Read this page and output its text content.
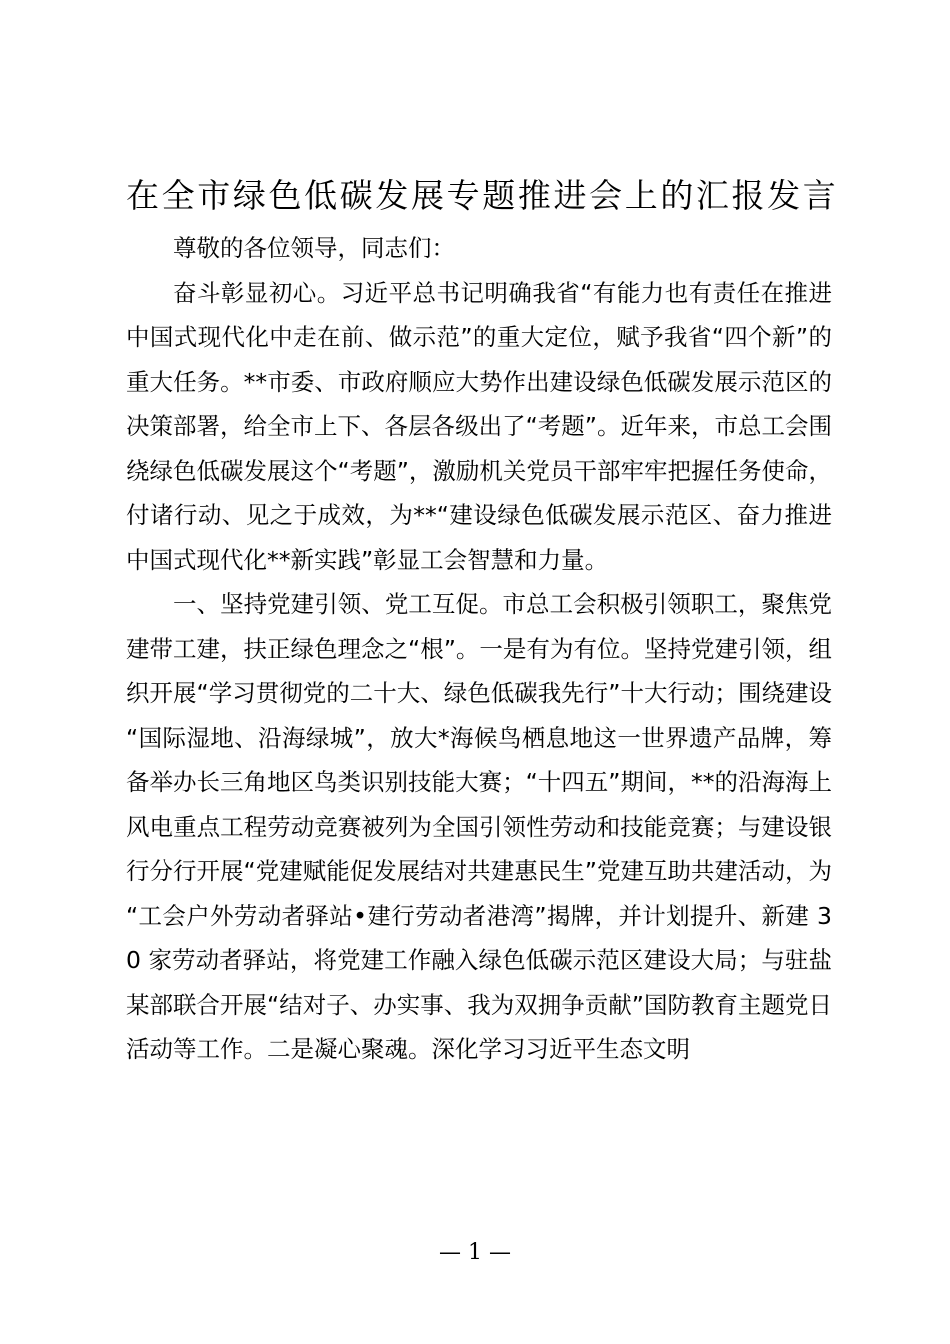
在全市绿色低碳发展专题推进会上的汇报发言

尊敬的各位领导，同志们：

奋斗彰显初心。习近平总书记明确我省“有能力也有责任在推进中国式现代化中走在前、做示范”的重大定位，赋予我省“四个新”的重大任务。**市委、市政府顺应大势作出建设绿色低碳发展示范区的决策部署，给全市上下、各层各级出了“考题”。近年来，市总工会围绕绿色低碳发展这个“考题”，激励机关党员干部牢牢把握任务使命，付诸行动、见之于成效，为**“建设绿色低碳发展示范区、奋力推进中国式现代化**新实践”彰显工会智慧和力量。

一、坚持党建引领、党工互促。市总工会积极引领职工，聚焦党建带工建，扶正绿色理念之“根”。一是有为有位。坚持党建引领，组织开展“学习贯彻党的二十大、绿色低碳我先行”十大行动；围绕建设“国际湿地、沿海绿城”，放大*海候鸟栖息地这一世界遗产品牌，筹备举办长三角地区鸟类识别技能大赛；“十四五”期间，**的沿海海上风电重点工程劳动竞赛被列为全国引领性劳动和技能竞赛；与建设银行分行开展“党建赋能促发展结对共建惠民生”党建互助共建活动，为“工会户外劳动者驿站•建行劳动者港湾”揭牌，并计划提升、新建 30 家劳动者驿站，将党建工作融入绿色低碳示范区建设大局；与驻盐某部联合开展“结对子、办实事、我为双拥争贡献”国防教育主题党日活动等工作。二是凝心聚魂。深化学习习近平生态文明

— 1 —
